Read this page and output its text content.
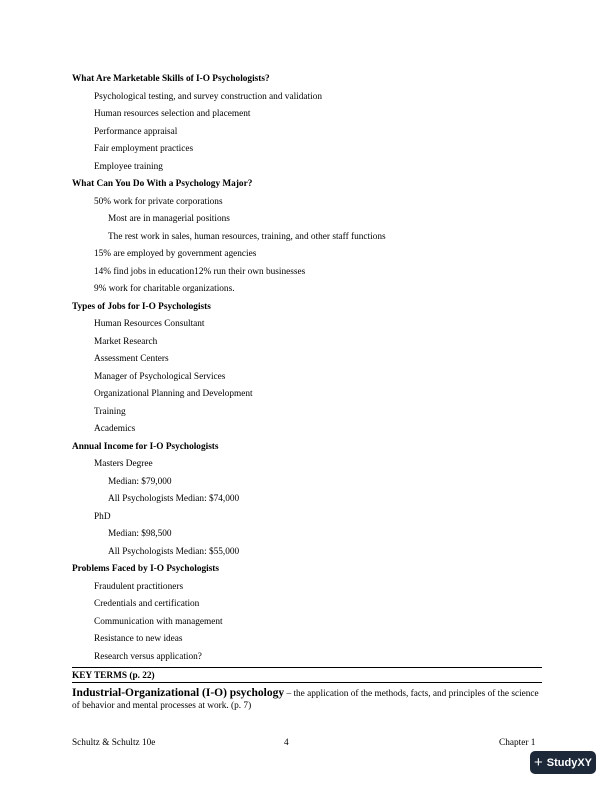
What Are Marketable Skills of I-O Psychologists?
Psychological testing, and survey construction and validation
Human resources selection and placement
Performance appraisal
Fair employment practices
Employee training
What Can You Do With a Psychology Major?
50% work for private corporations
Most are in managerial positions
The rest work in sales, human resources, training, and other staff functions
15% are employed by government agencies
14% find jobs in education12% run their own businesses
9% work for charitable organizations.
Types of Jobs for I-O Psychologists
Human Resources Consultant
Market Research
Assessment Centers
Manager of Psychological Services
Organizational Planning and Development
Training
Academics
Annual Income for I-O Psychologists
Masters Degree
Median: $79,000
All Psychologists Median: $74,000
PhD
Median: $98,500
All Psychologists Median: $55,000
Problems Faced by I-O Psychologists
Fraudulent practitioners
Credentials and certification
Communication with management
Resistance to new ideas
Research versus application?
KEY TERMS (p. 22)
Industrial-Organizational (I-O) psychology – the application of the methods, facts, and principles of the science of behavior and mental processes at work. (p. 7)
Schultz & Schultz 10e	4	Chapter 1
+ StudyXY
